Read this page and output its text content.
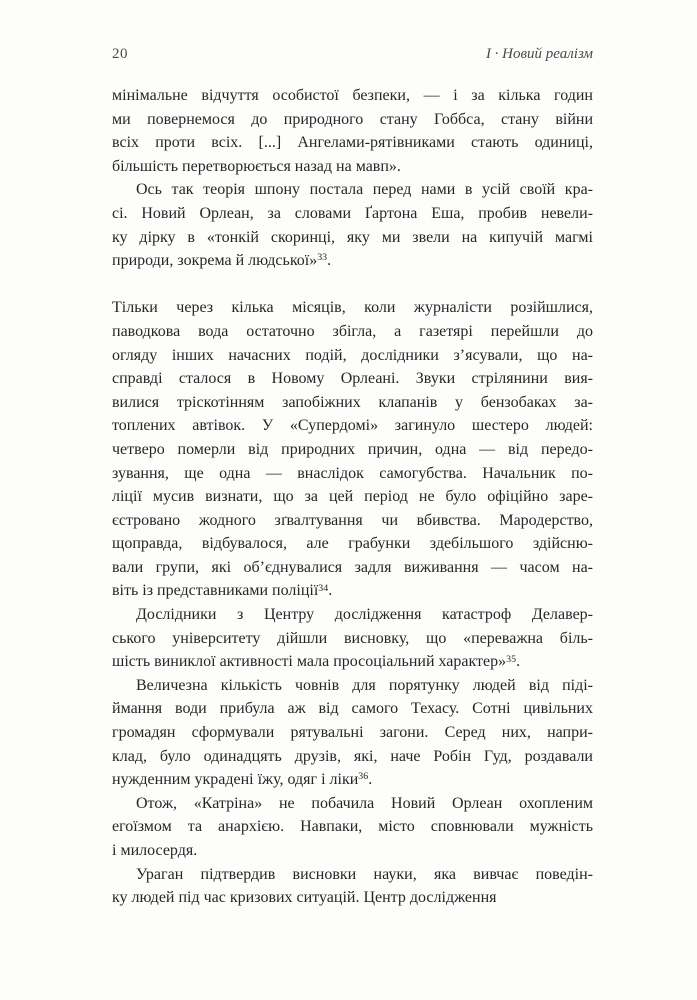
20	І · Новий реалізм
мінімальне відчуття особистої безпеки, — і за кілька годин
ми повернемося до природного стану Гоббса, стану війни
всіх проти всіх. [...] Ангелами-рятівниками стають одиниці,
більшість перетворюється назад на мавп».
Ось так теорія шпону постала перед нами в усій своїй кра-
сі. Новий Орлеан, за словами Ґартона Еша, пробив невели-
ку дірку в «тонкій скоринці, яку ми звели на кипучій магмі
природи, зокрема й людської»$^{33}$.
Тільки через кілька місяців, коли журналісти розійшлися,
паводкова вода остаточно збігла, а газетярі перейшли до
огляду інших начасних подій, дослідники з’ясували, що на-
справді сталося в Новому Орлеані. Звуки стрілянини вия-
вилися тріскотінням запобіжних клапанів у бензобаках за-
топлених автівок. У «Супердомі» загинуло шестеро людей:
четверо померли від природних причин, одна — від передо-
зування, ще одна — внаслідок самогубства. Начальник по-
ліції мусив визнати, що за цей період не було офіційно заре-
єстровано жодного зґвалтування чи вбивства. Мародерство,
щоправда, відбувалося, але грабунки здебільшого здійсню-
вали групи, які об’єднувалися задля виживання — часом на-
віть із представниками поліції$^{34}$.
Дослідники з Центру дослідження катастроф Делавер-
ського університету дійшли висновку, що «переважна біль-
шість виниклої активності мала просоціальний характер»$^{35}$.
Величезна кількість човнів для порятунку людей від піді-
ймання води прибула аж від самого Техасу. Сотні цивільних
громадян сформували рятувальні загони. Серед них, напри-
клад, було одинадцять друзів, які, наче Робін Гуд, роздавали
нужденним украдені їжу, одяг і ліки$^{36}$.
Отож, «Катріна» не побачила Новий Орлеан охопленим
егоїзмом та анархією. Навпаки, місто сповнювали мужність
і милосердя.
Ураган підтвердив висновки науки, яка вивчає поведін-
ку людей під час кризових ситуацій. Центр дослідження
